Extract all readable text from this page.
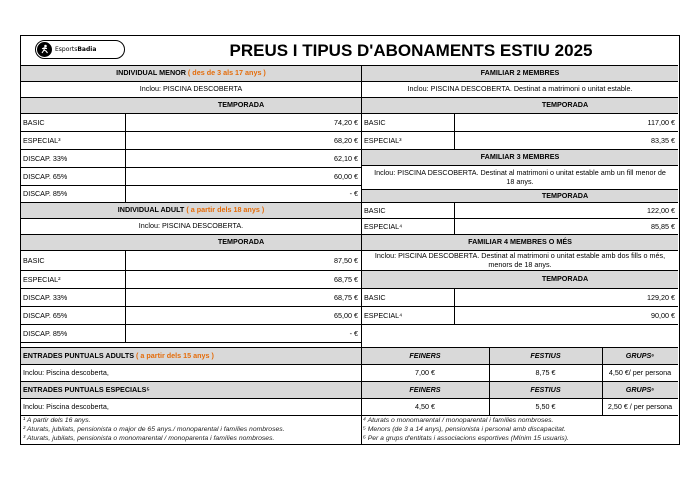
EsportsBadia	PREUS I TIPUS D'ABONAMENTS ESTIU 2025
INDIVIDUAL MENOR
( des de 3 als 17 anys )
Inclou: PISCINA DESCOBERTA
TEMPORADA
BASIC	74,20 €
ESPECIAL³	68,20 €
DISCAP. 33%	62,10 €
DISCAP. 65%	60,00 €
DISCAP. 85%	- €
INDIVIDUAL ADULT
( a partir dels 18 anys )
Inclou: PISCINA DESCOBERTA.
TEMPORADA
BASIC	87,50 €
ESPECIAL²	68,75 €
DISCAP. 33%	68,75 €
DISCAP. 65%	65,00 €
DISCAP. 85%	- €
FAMILIAR 2 MEMBRES
Inclou: PISCINA DESCOBERTA. Destinat a matrimoni o unitat estable.
TEMPORADA
BASIC	117,00 €
ESPECIAL³	83,35 €
FAMILIAR 3 MEMBRES
Inclou: PISCINA DESCOBERTA. Destinat al matrimoni o unitat estable amb un fill menor de 18 anys.
TEMPORADA
BASIC	122,00 €
ESPECIAL⁴	85,85 €
FAMILIAR 4 MEMBRES O MÉS
Inclou: PISCINA DESCOBERTA. Destinat al matrimoni o unitat estable amb dos fills o més, menors de 18 anys.
TEMPORADA
BASIC	129,20 €
ESPECIAL⁴	90,00 €
ENTRADES PUNTUALS ADULTS
( a partir dels 15 anys )	FEINERS	FESTIUS	GRUPS⁶
Inclou: Piscina descoberta,	7,00 €	8,75 €	4,50 €/ per persona
ENTRADES PUNTUALS ESPECIALS⁵	FEINERS	FESTIUS	GRUPS⁶
Inclou: Piscina descoberta,	4,50 €	5,50 €	2,50 € / per persona
¹ A partir dels 16 anys.
² Aturats, jubilats, pensionista o major de 65 anys./ monoparental i famílies nombroses.
³ Aturats, jubilats, pensionista o monomarental / monoparenta i famílies nombroses.
⁴ Aturats o monomarental / monoparental i famílies nombroses.
⁵ Menors (de 3 a 14 anys), pensionista i personal amb discapacitat.
⁶ Per a grups d'entitats i associacions esportives (Mínim 15 usuaris).
